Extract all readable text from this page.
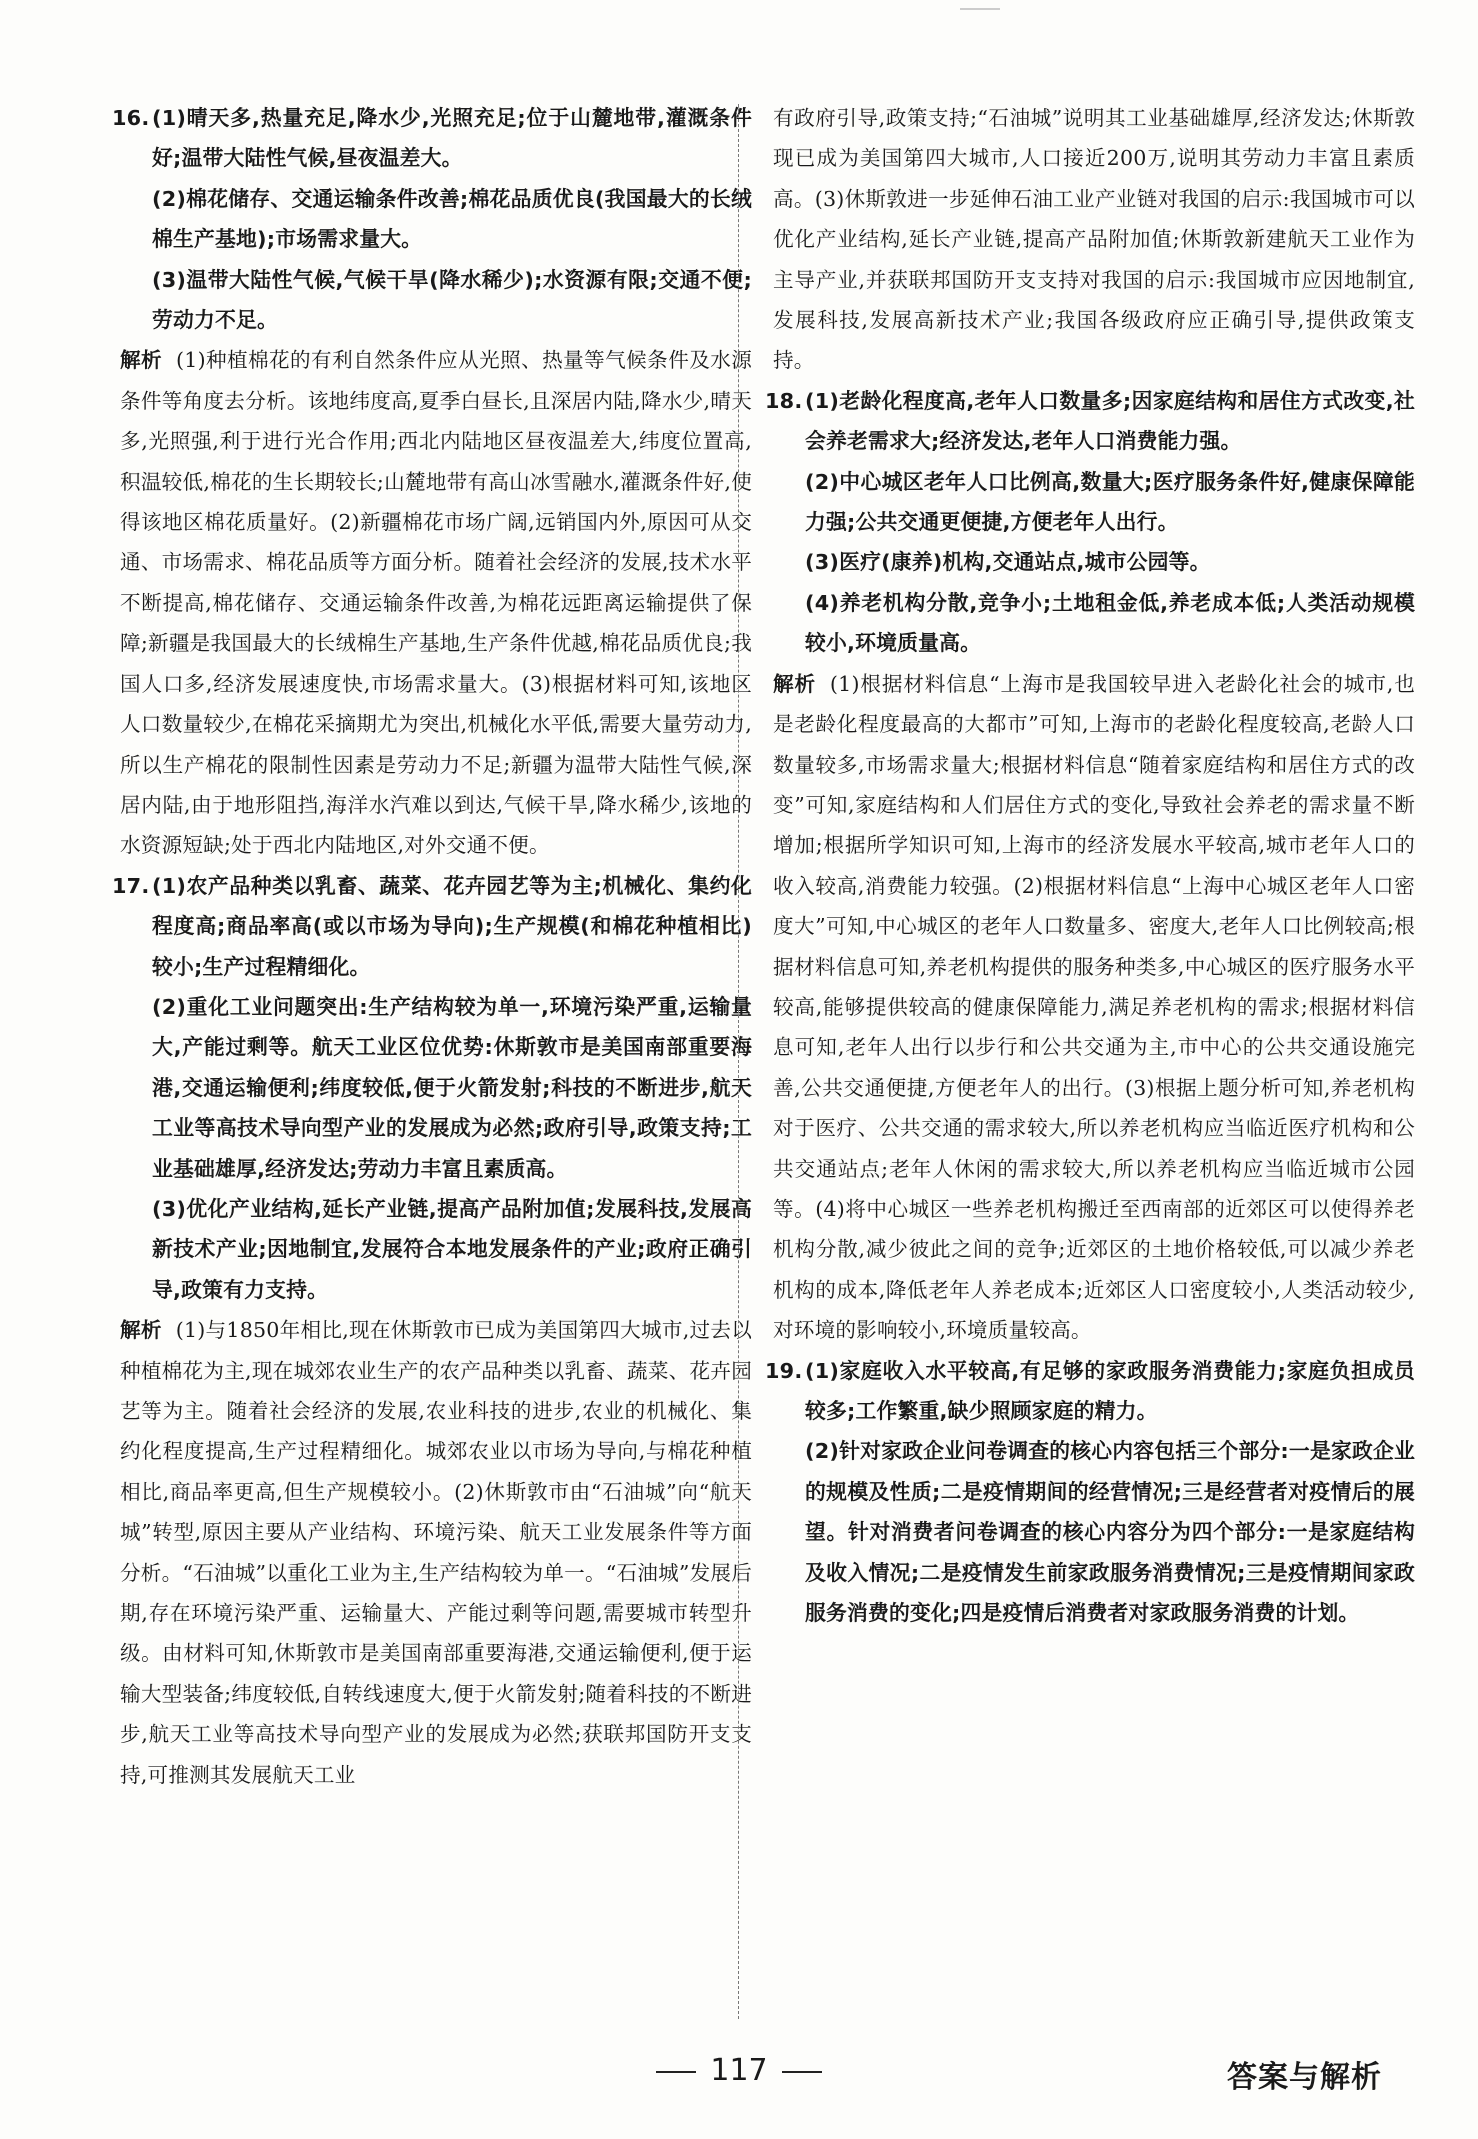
16. (1)晴天多,热量充足,降水少,光照充足;位于山麓地带,灌溉条件好;温带大陆性气候,昼夜温差大。
(2)棉花储存、交通运输条件改善;棉花品质优良(我国最大的长绒棉生产基地);市场需求量大。
(3)温带大陆性气候,气候干旱(降水稀少);水资源有限;交通不便;劳动力不足。
解析 (1)种植棉花的有利自然条件应从光照、热量等气候条件及水源条件等角度去分析。该地纬度高,夏季白昼长,且深居内陆,降水少,晴天多,光照强,利于进行光合作用;西北内陆地区昼夜温差大,纬度位置高,积温较低,棉花的生长期较长;山麓地带有高山冰雪融水,灌溉条件好,使得该地区棉花质量好。(2)新疆棉花市场广阔,远销国内外,原因可从交通、市场需求、棉花品质等方面分析。随着社会经济的发展,技术水平不断提高,棉花储存、交通运输条件改善,为棉花远距离运输提供了保障;新疆是我国最大的长绒棉生产基地,生产条件优越,棉花品质优良;我国人口多,经济发展速度快,市场需求量大。(3)根据材料可知,该地区人口数量较少,在棉花采摘期尤为突出,机械化水平低,需要大量劳动力,所以生产棉花的限制性因素是劳动力不足;新疆为温带大陆性气候,深居内陆,由于地形阻挡,海洋水汽难以到达,气候干旱,降水稀少,该地的水资源短缺;处于西北内陆地区,对外交通不便。
17. (1)农产品种类以乳畜、蔬菜、花卉园艺等为主;机械化、集约化程度高;商品率高(或以市场为导向);生产规模(和棉花种植相比)较小;生产过程精细化。
(2)重化工业问题突出:生产结构较为单一,环境污染严重,运输量大,产能过剩等。航天工业区位优势:休斯敦市是美国南部重要海港,交通运输便利;纬度较低,便于火箭发射;科技的不断进步,航天工业等高技术导向型产业的发展成为必然;政府引导,政策支持;工业基础雄厚,经济发达;劳动力丰富且素质高。
(3)优化产业结构,延长产业链,提高产品附加值;发展科技,发展高新技术产业;因地制宜,发展符合本地发展条件的产业;政府正确引导,政策有力支持。
解析 (1)与1850年相比,现在休斯敦市已成为美国第四大城市,过去以种植棉花为主,现在城郊农业生产的农产品种类以乳畜、蔬菜、花卉园艺等为主。随着社会经济的发展,农业科技的进步,农业的机械化、集约化程度提高,生产过程精细化。城郊农业以市场为导向,与棉花种植相比,商品率更高,但生产规模较小。(2)休斯敦市由“石油城”向“航天城”转型,原因主要从产业结构、环境污染、航天工业发展条件等方面分析。“石油城”以重化工业为主,生产结构较为单一。“石油城”发展后期,存在环境污染严重、运输量大、产能过剩等问题,需要城市转型升级。由材料可知,休斯敦市是美国南部重要海港,交通运输便利,便于运输大型装备;纬度较低,自转线速度大,便于火箭发射;随着科技的不断进步,航天工业等高技术导向型产业的发展成为必然;获联邦国防开支支持,可推测其发展航天工业
有政府引导,政策支持;“石油城”说明其工业基础雄厚,经济发达;休斯敦现已成为美国第四大城市,人口接近200万,说明其劳动力丰富且素质高。(3)休斯敦进一步延伸石油工业产业链对我国的启示:我国城市可以优化产业结构,延长产业链,提高产品附加值;休斯敦新建航天工业作为主导产业,并获联邦国防开支支持对我国的启示:我国城市应因地制宜,发展科技,发展高新技术产业;我国各级政府应正确引导,提供政策支持。
18. (1)老龄化程度高,老年人口数量多;因家庭结构和居住方式改变,社会养老需求大;经济发达,老年人口消费能力强。
(2)中心城区老年人口比例高,数量大;医疗服务条件好,健康保障能力强;公共交通更便捷,方便老年人出行。
(3)医疗(康养)机构,交通站点,城市公园等。
(4)养老机构分散,竞争小;土地租金低,养老成本低;人类活动规模较小,环境质量高。
解析 (1)根据材料信息“上海市是我国较早进入老龄化社会的城市,也是老龄化程度最高的大都市”可知,上海市的老龄化程度较高,老龄人口数量较多,市场需求量大;根据材料信息“随着家庭结构和居住方式的改变”可知,家庭结构和人们居住方式的变化,导致社会养老的需求量不断增加;根据所学知识可知,上海市的经济发展水平较高,城市老年人口的收入较高,消费能力较强。(2)根据材料信息“上海中心城区老年人口密度大”可知,中心城区的老年人口数量多、密度大,老年人口比例较高;根据材料信息可知,养老机构提供的服务种类多,中心城区的医疗服务水平较高,能够提供较高的健康保障能力,满足养老机构的需求;根据材料信息可知,老年人出行以步行和公共交通为主,市中心的公共交通设施完善,公共交通便捷,方便老年人的出行。(3)根据上题分析可知,养老机构对于医疗、公共交通的需求较大,所以养老机构应当临近医疗机构和公共交通站点;老年人休闲的需求较大,所以养老机构应当临近城市公园等。(4)将中心城区一些养老机构搬迁至西南部的近郊区可以使得养老机构分散,减少彼此之间的竞争;近郊区的土地价格较低,可以减少养老机构的成本,降低老年人养老成本;近郊区人口密度较小,人类活动较少,对环境的影响较小,环境质量较高。
19. (1)家庭收入水平较高,有足够的家政服务消费能力;家庭负担成员较多;工作繁重,缺少照顾家庭的精力。
(2)针对家政企业问卷调查的核心内容包括三个部分:一是家政企业的规模及性质;二是疫情期间的经营情况;三是经营者对疫情后的展望。针对消费者问卷调查的核心内容分为四个部分:一是家庭结构及收入情况;二是疫情发生前家政服务消费情况;三是疫情期间家政服务消费的变化;四是疫情后消费者对家政服务消费的计划。
117	答案与解析
